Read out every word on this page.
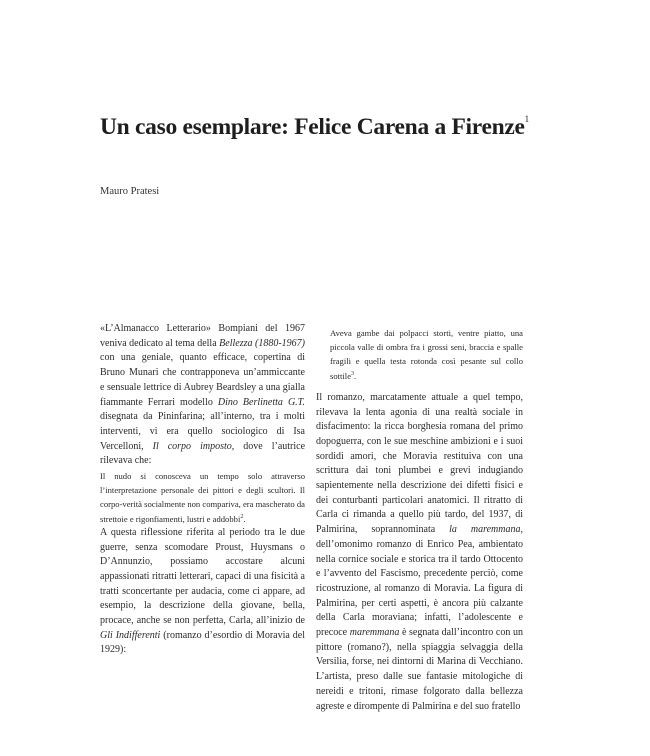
Un caso esemplare: Felice Carena a Firenze$^1$
Mauro Pratesi

«L’Almanacco Letterario» Bompiani del 1967 veniva dedicato al tema della Bellezza (1880-1967) con una geniale, quanto efficace, copertina di Bruno Munari che contrapponeva un’ammiccante e sensuale lettrice di Aubrey Beardsley a una gialla fiammante Ferrari modello Dino Berlinetta G.T. disegnata da Pininfarina; all’interno, tra i molti interventi, vi era quello sociologico di Isa Vercelloni, Il corpo imposto, dove l’autrice rilevava che:

Il nudo si conosceva un tempo solo attraverso l’interpretazione personale dei pittori e degli scultori. Il corpo-verità socialmente non compariva, era mascherato da strettoie e rigonfiamenti, lustri e addobbi$^2$.

A questa riflessione riferita al periodo tra le due guerre, senza scomodare Proust, Huysmans o D’Annunzio, possiamo accostare alcuni appassionati ritratti letterari, capaci di una fisicità a tratti sconcertante per audacia, come ci appare, ad esempio, la descrizione della giovane, bella, procace, anche se non perfetta, Carla, all’inizio de Gli Indifferenti (romanzo d’esordio di Moravia del 1929):

Aveva gambe dai polpacci storti, ventre piatto, una piccola valle di ombra fra i grossi seni, braccia e spalle fragili e quella testa rotonda così pesante sul collo sottile$^3$.

Il romanzo, marcatamente attuale a quel tempo, rilevava la lenta agonia di una realtà sociale in disfacimento: la ricca borghesia romana del primo dopoguerra, con le sue meschine ambizioni e i suoi sordidi amori, che Moravia restituiva con una scrittura dai toni plumbei e grevi indugiando sapientemente nella descrizione dei difetti fisici e dei conturbanti particolari anatomici. Il ritratto di Carla ci rimanda a quello più tardo, del 1937, di Palmirina, soprannominata la maremmana, dell’omonimo romanzo di Enrico Pea, ambientato nella cornice sociale e storica tra il tardo Ottocento e l’avvento del Fascismo, precedente perciò, come ricostruzione, al romanzo di Moravia. La figura di Palmirina, per certi aspetti, è ancora più calzante della Carla moraviana; infatti, l’adolescente e precoce maremmana è segnata dall’incontro con un pittore (romano?), nella spiaggia selvaggia della Versilia, forse, nei dintorni di Marina di Vecchiano. L’artista, preso dalle sue fantasie mitologiche di nereidi e tritoni, rimase folgorato dalla bellezza agreste e dirompente di Palmirina e del suo fratello
